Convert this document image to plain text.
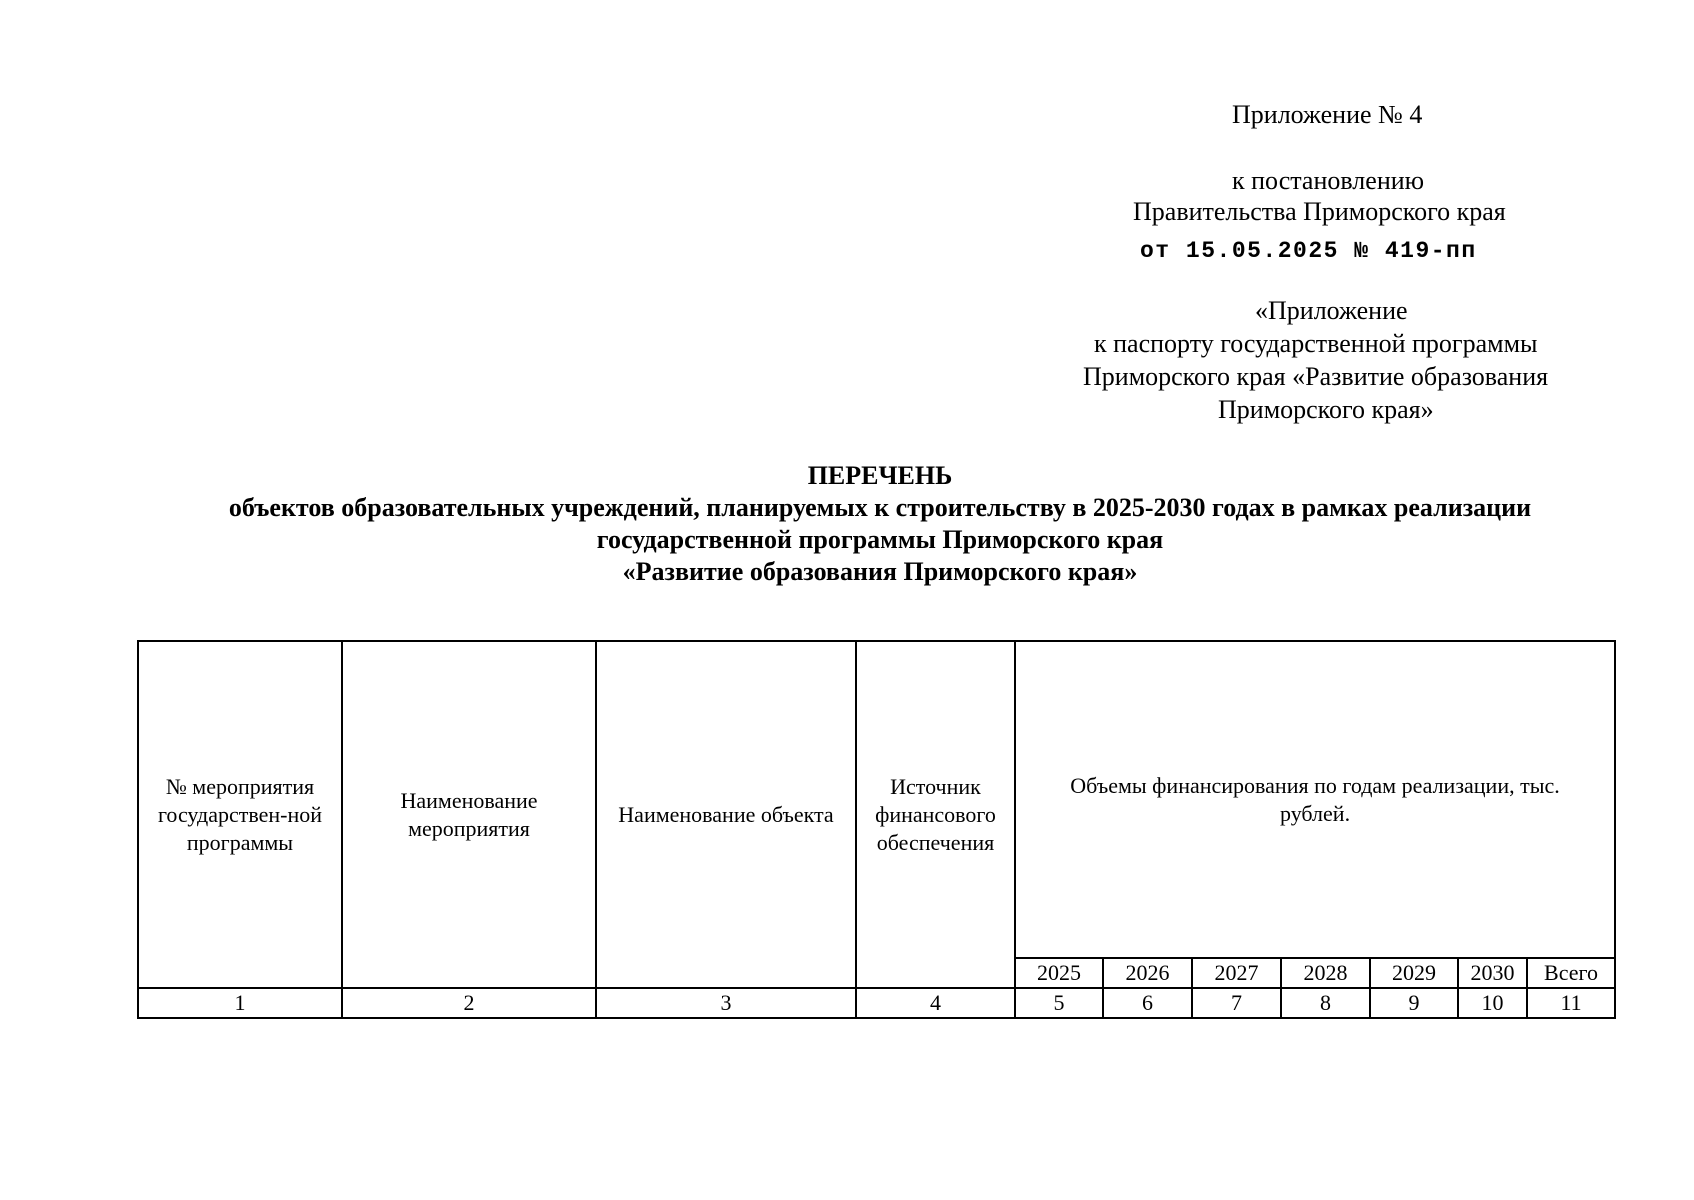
Приложение № 4
к постановлению
Правительства Приморского края
от 15.05.2025 № 419-пп
«Приложение
к паспорту государственной программы
Приморского края «Развитие образования
Приморского края»
ПЕРЕЧЕНЬ
объектов образовательных учреждений, планируемых к строительству в 2025-2030 годах в рамках реализации
государственной программы Приморского края
«Развитие образования Приморского края»
№ мероприятия государствен-ной программы	Наименование мероприятия	Наименование объекта	Источник финансового обеспечения	Объемы финансирования по годам реализации, тыс. рублей.						
				2025	2026	2027	2028	2029	2030	Всего
1	2	3	4	5	6	7	8	9	10	11
